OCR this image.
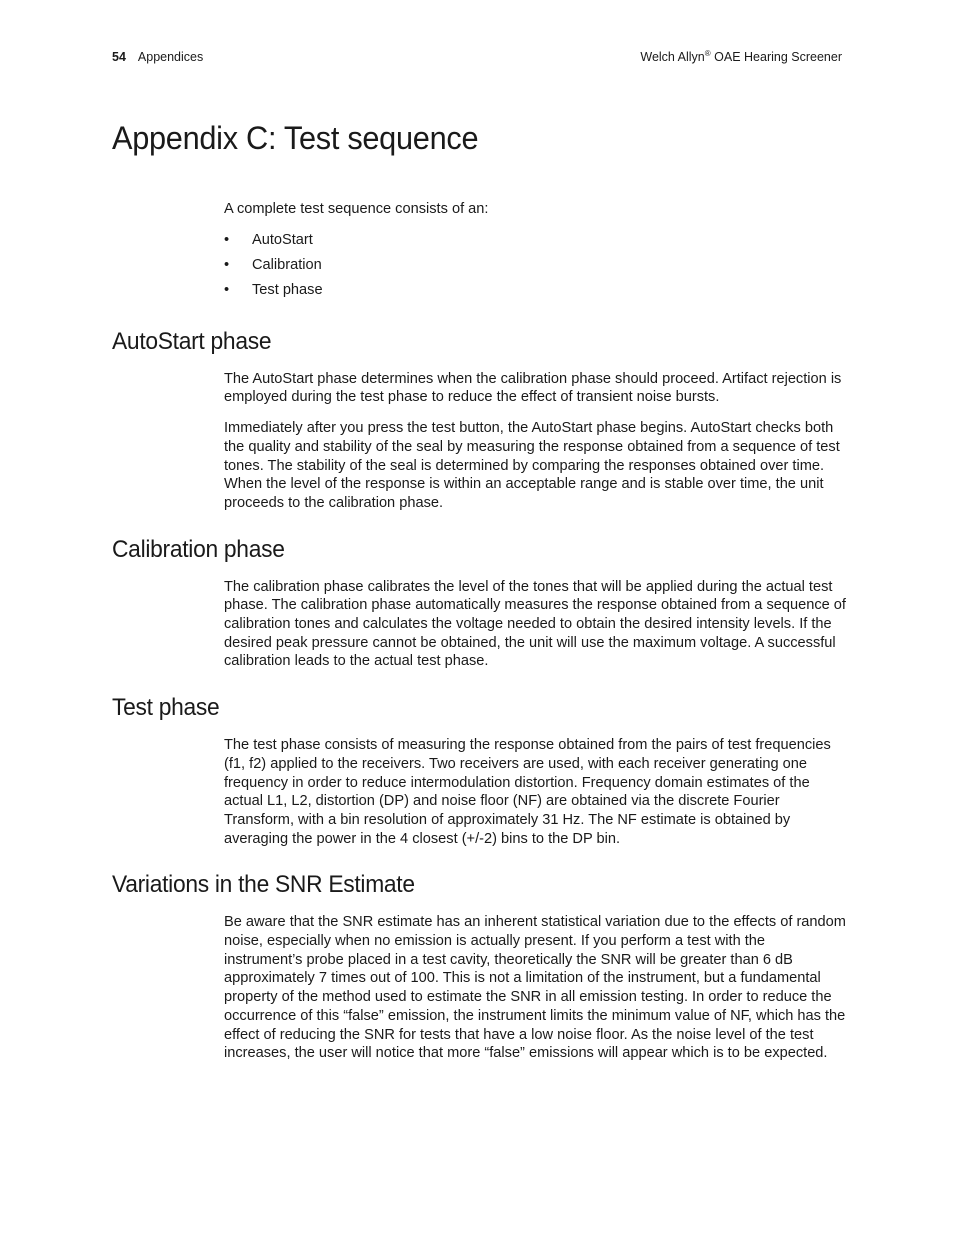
54 Appendices	Welch Allyn® OAE Hearing Screener
Appendix C: Test sequence

A complete test sequence consists of an:

• AutoStart
• Calibration
• Test phase
AutoStart phase

The AutoStart phase determines when the calibration phase should proceed. Artifact rejection is employed during the test phase to reduce the effect of transient noise bursts.

Immediately after you press the test button, the AutoStart phase begins. AutoStart checks both the quality and stability of the seal by measuring the response obtained from a sequence of test tones. The stability of the seal is determined by comparing the responses obtained over time. When the level of the response is within an acceptable range and is stable over time, the unit proceeds to the calibration phase.

Calibration phase

The calibration phase calibrates the level of the tones that will be applied during the actual test phase. The calibration phase automatically measures the response obtained from a sequence of calibration tones and calculates the voltage needed to obtain the desired intensity levels. If the desired peak pressure cannot be obtained, the unit will use the maximum voltage. A successful calibration leads to the actual test phase.

Test phase

The test phase consists of measuring the response obtained from the pairs of test frequencies (f1, f2) applied to the receivers. Two receivers are used, with each receiver generating one frequency in order to reduce intermodulation distortion. Frequency domain estimates of the actual L1, L2, distortion (DP) and noise floor (NF) are obtained via the discrete Fourier Transform, with a bin resolution of approximately 31 Hz. The NF estimate is obtained by averaging the power in the 4 closest (+/-2) bins to the DP bin.

Variations in the SNR Estimate

Be aware that the SNR estimate has an inherent statistical variation due to the effects of random noise, especially when no emission is actually present. If you perform a test with the instrument’s probe placed in a test cavity, theoretically the SNR will be greater than 6 dB approximately 7 times out of 100. This is not a limitation of the instrument, but a fundamental property of the method used to estimate the SNR in all emission testing. In order to reduce the occurrence of this “false” emission, the instrument limits the minimum value of NF, which has the effect of reducing the SNR for tests that have a low noise floor. As the noise level of the test increases, the user will notice that more “false” emissions will appear which is to be expected.
